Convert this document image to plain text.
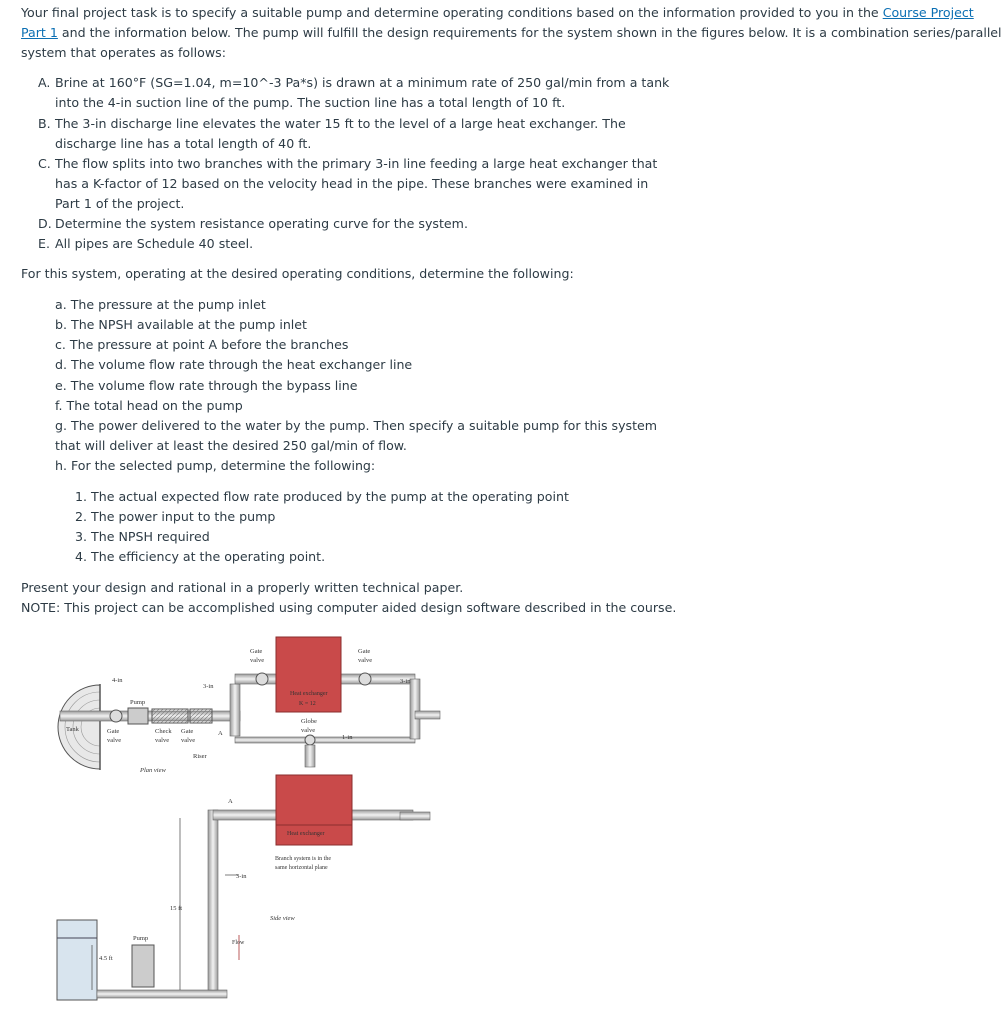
Your final project task is to specify a suitable pump and determine operating conditions based on the information provided to you in the Course Project
Part 1 and the information below. The pump will fulfill the design requirements for the system shown in the figures below. It is a combination series/parallel
system that operates as follows:
A. Brine at 160°F (SG=1.04, m=10^-3 Pa*s) is drawn at a minimum rate of 250 gal/min from a tank
into the 4-in suction line of the pump. The suction line has a total length of 10 ft.
B. The 3-in discharge line elevates the water 15 ft to the level of a large heat exchanger. The
discharge line has a total length of 40 ft.
C. The flow splits into two branches with the primary 3-in line feeding a large heat exchanger that
has a K-factor of 12 based on the velocity head in the pipe. These branches were examined in
Part 1 of the project.
D. Determine the system resistance operating curve for the system.
E. All pipes are Schedule 40 steel.
For this system, operating at the desired operating conditions, determine the following:
a. The pressure at the pump inlet
b. The NPSH available at the pump inlet
c. The pressure at point A before the branches
d. The volume flow rate through the heat exchanger line
e. The volume flow rate through the bypass line
f. The total head on the pump
g. The power delivered to the water by the pump. Then specify a suitable pump for this system
that will deliver at least the desired 250 gal/min of flow.
h. For the selected pump, determine the following:
1. The actual expected flow rate produced by the pump at the operating point
2. The power input to the pump
3. The NPSH required
4. The efficiency at the operating point.
Present your design and rational in a properly written technical paper.
NOTE: This project can be accomplished using computer aided design software described in the course.
4-in
Pump
3-in
Tank	Gate
valve
Check
valve
Gate
valve
A
Riser
Plan view
Gate
valve
Heat exchanger
K = 12
Globe
valve
1-in
Gate
valve
3-in
A
Heat exchanger
Branch system is in the
same horizontal plane
3-in
15 ft
Side view
Pump
Flow
4.5 ft
